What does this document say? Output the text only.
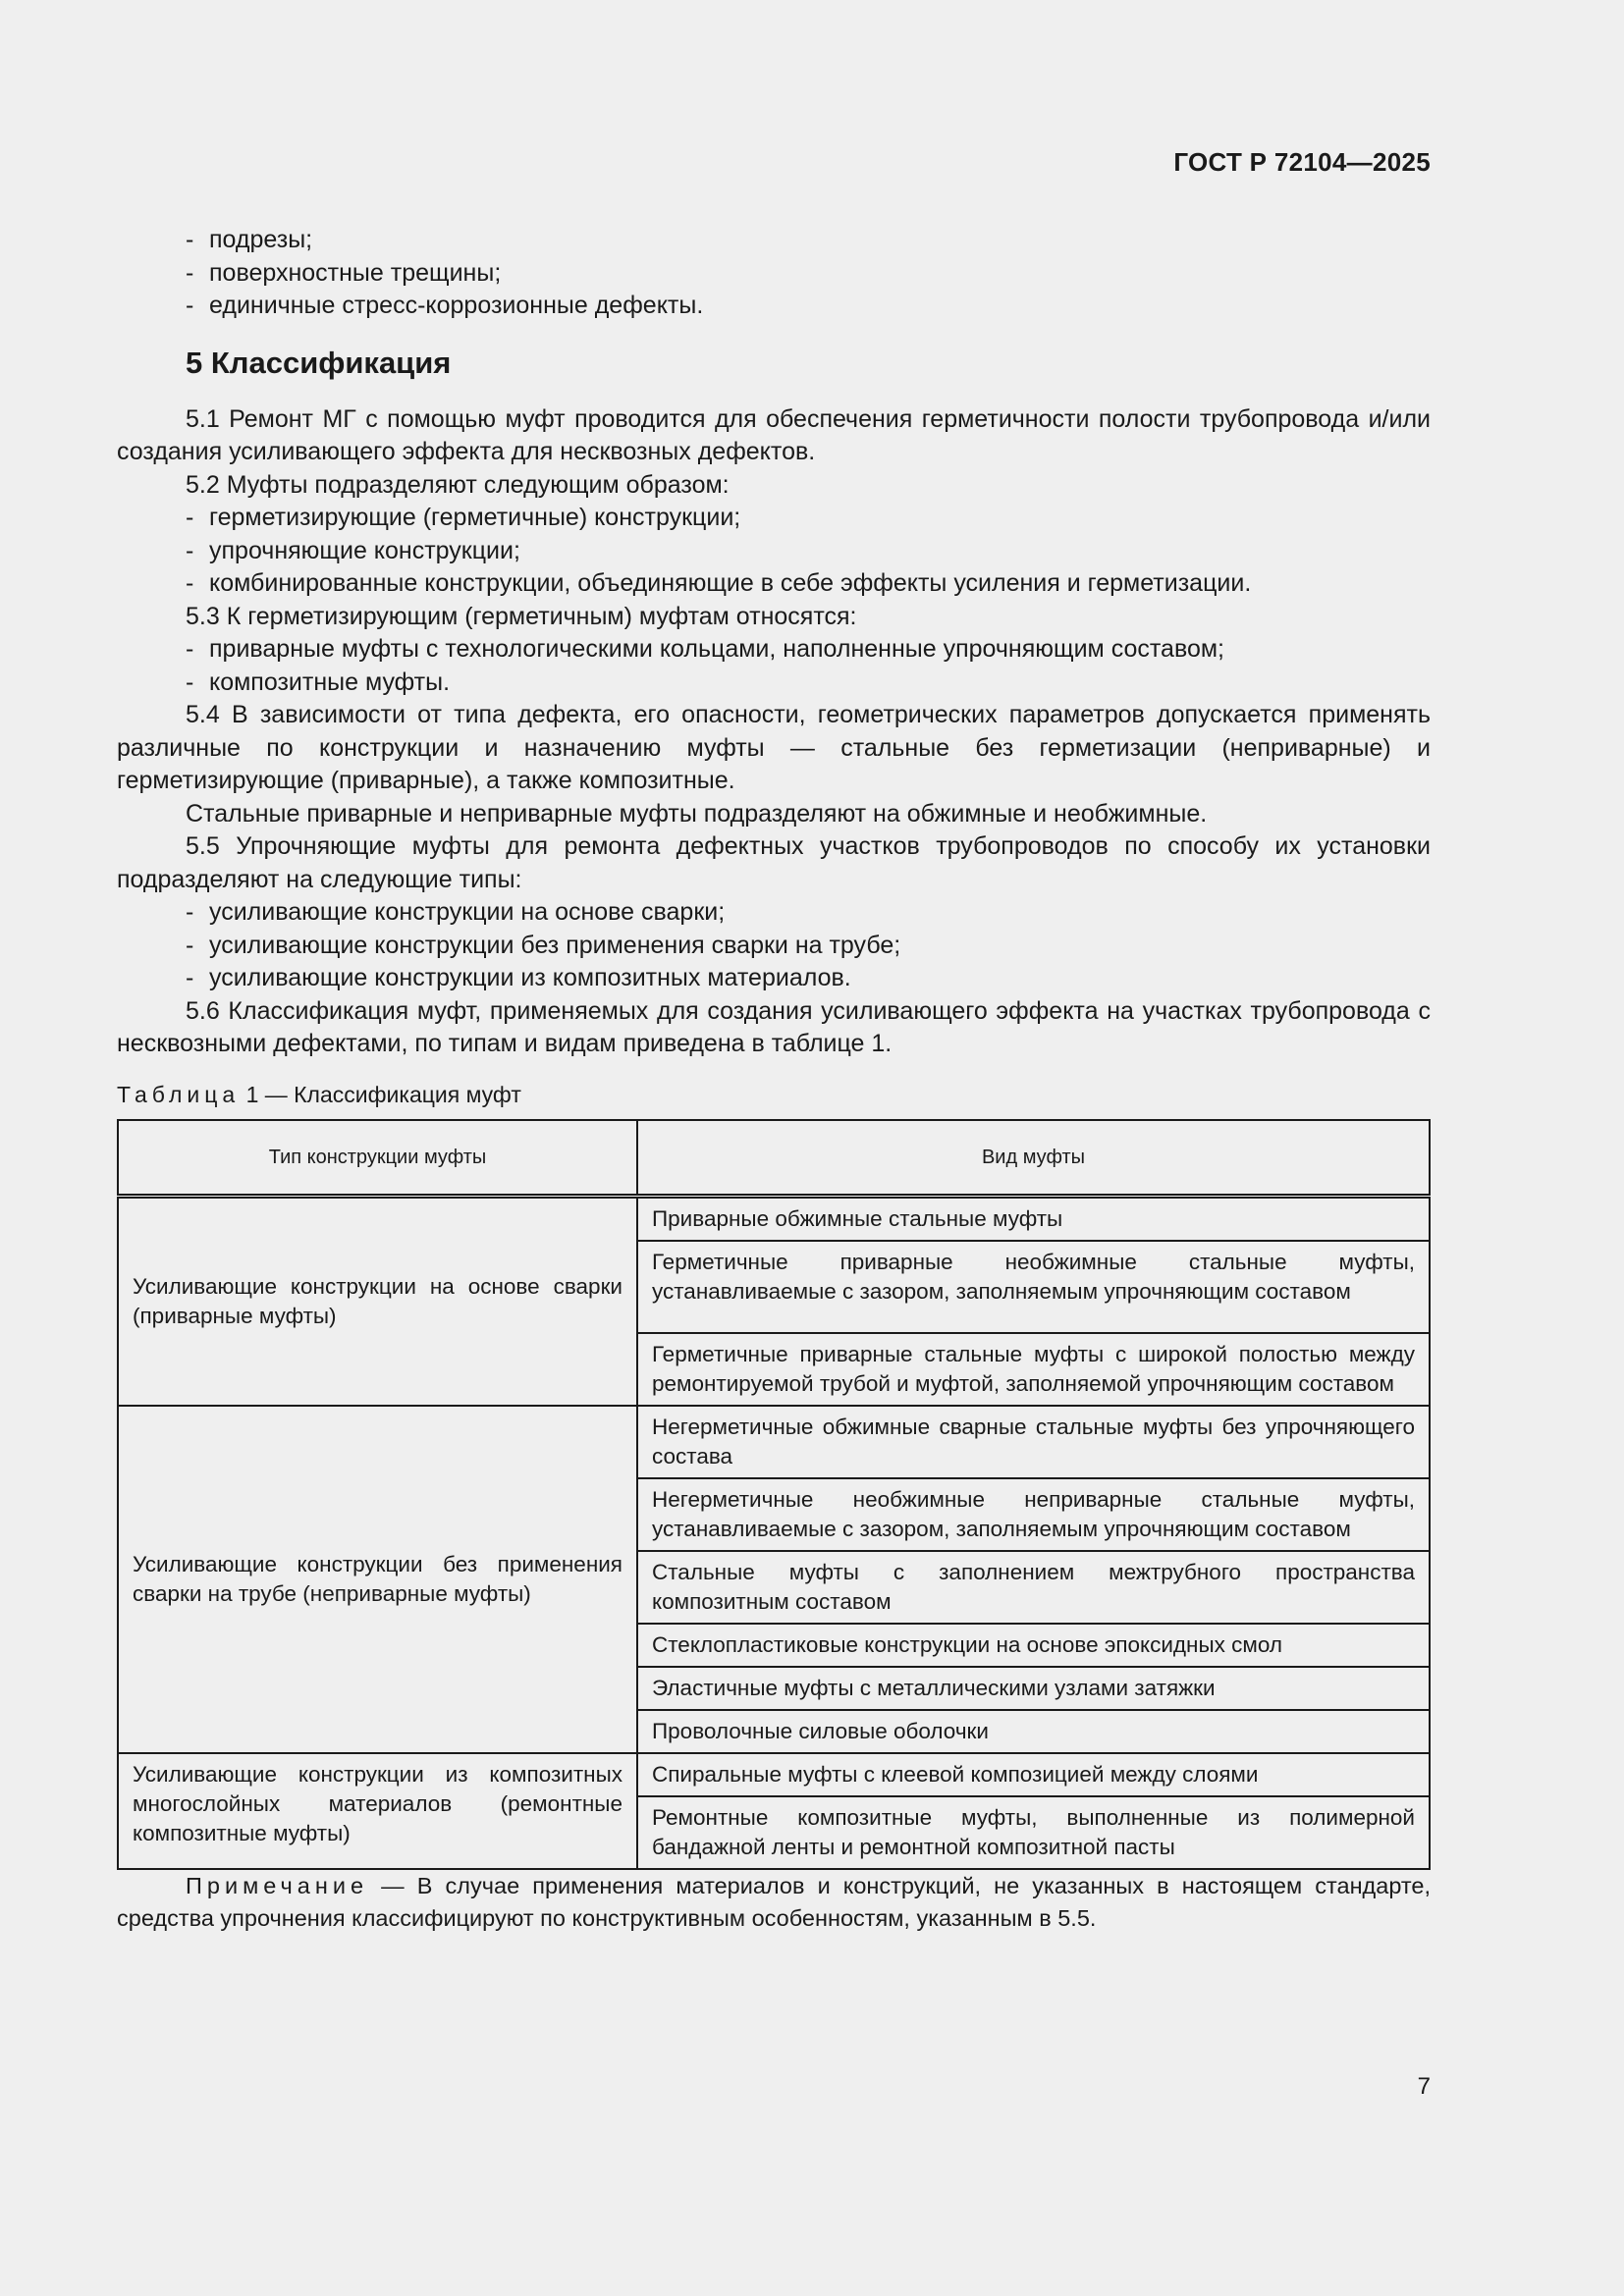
ГОСТ Р 72104—2025

- подрезы;

- поверхностные трещины;

- единичные стресс-коррозионные дефекты.

5 Классификация

5.1 Ремонт МГ с помощью муфт проводится для обеспечения герметичности полости трубопровода и/или создания усиливающего эффекта для несквозных дефектов.

5.2 Муфты подразделяют следующим образом:

- герметизирующие (герметичные) конструкции;

- упрочняющие конструкции;

- комбинированные конструкции, объединяющие в себе эффекты усиления и герметизации.

5.3 К герметизирующим (герметичным) муфтам относятся:

- приварные муфты с технологическими кольцами, наполненные упрочняющим составом;

- композитные муфты.

5.4 В зависимости от типа дефекта, его опасности, геометрических параметров допускается применять различные по конструкции и назначению муфты — стальные без герметизации (неприварные) и герметизирующие (приварные), а также композитные.

Стальные приварные и неприварные муфты подразделяют на обжимные и необжимные.

5.5 Упрочняющие муфты для ремонта дефектных участков трубопроводов по способу их установки подразделяют на следующие типы:

- усиливающие конструкции на основе сварки;

- усиливающие конструкции без применения сварки на трубе;

- усиливающие конструкции из композитных материалов.

5.6 Классификация муфт, применяемых для создания усиливающего эффекта на участках трубопровода с несквозными дефектами, по типам и видам приведена в таблице 1.

Таблица 1 — Классификация муфт
Тип конструкции муфты	Вид муфты
Усиливающие конструкции на основе сварки (приварные муфты)	Приварные обжимные стальные муфты
	Герметичные приварные необжимные стальные муфты, устанавливаемые с зазором, заполняемым упрочняющим составом
	Герметичные приварные стальные муфты с широкой полостью между ремонтируемой трубой и муфтой, заполняемой упрочняющим составом
Усиливающие конструкции без применения сварки на трубе (неприварные муфты)	Негерметичные обжимные сварные стальные муфты без упрочняющего состава
	Негерметичные необжимные неприварные стальные муфты, устанавливаемые с зазором, заполняемым упрочняющим составом
	Стальные муфты с заполнением межтрубного пространства композитным составом
	Стеклопластиковые конструкции на основе эпоксидных смол
	Эластичные муфты с металлическими узлами затяжки
	Проволочные силовые оболочки
Усиливающие конструкции из композитных многослойных материалов (ремонтные композитные муфты)	Спиральные муфты с клеевой композицией между слоями
	Ремонтные композитные муфты, выполненные из полимерной бандажной ленты и ремонтной композитной пасты

Примечание — В случае применения материалов и конструкций, не указанных в настоящем стандарте, средства упрочнения классифицируют по конструктивным особенностям, указанным в 5.5.

7
